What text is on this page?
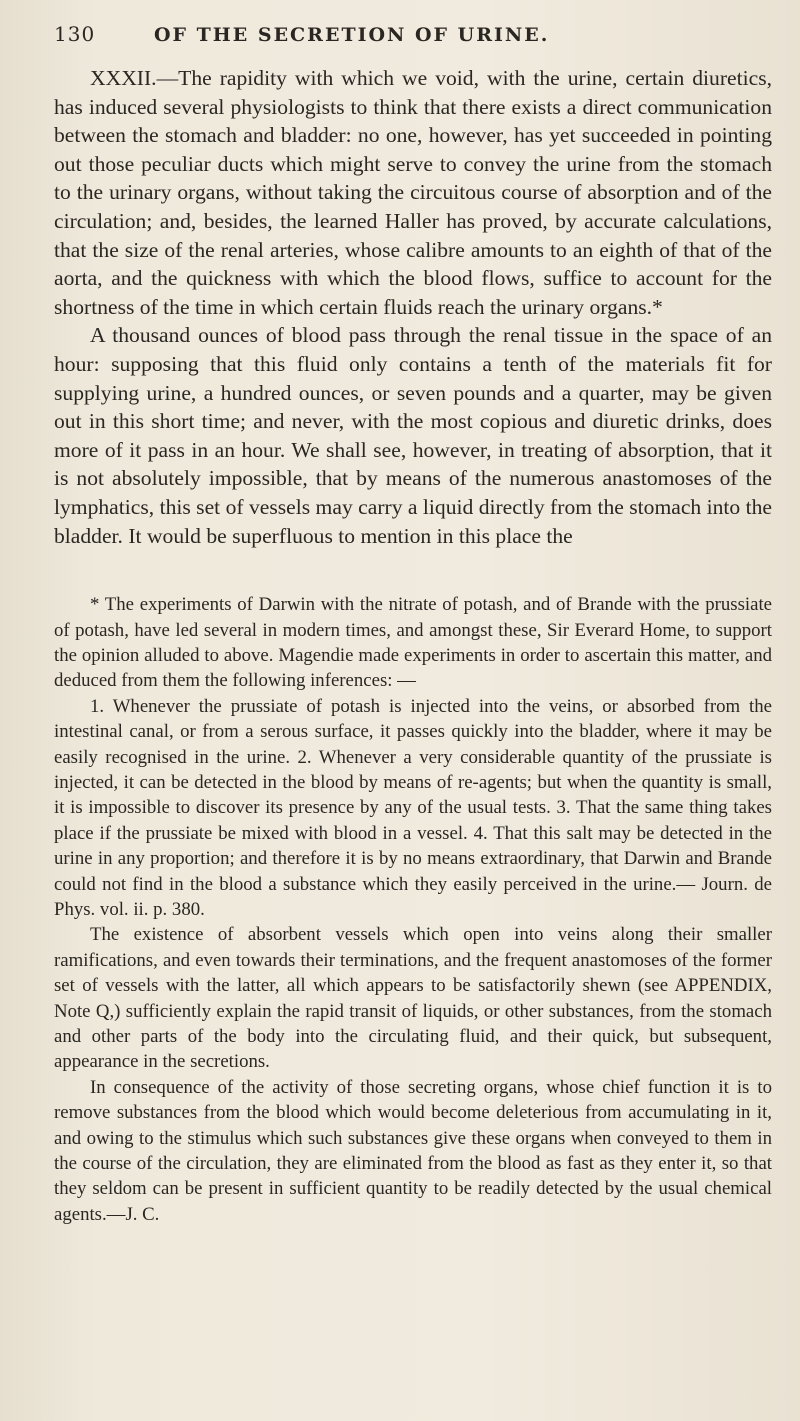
130	OF THE SECRETION OF URINE.

XXXII.—The rapidity with which we void, with the urine, certain diuretics, has induced several physiologists to think that there exists a direct communication between the stomach and bladder: no one, however, has yet succeeded in pointing out those peculiar ducts which might serve to convey the urine from the stomach to the urinary organs, without taking the circuitous course of absorption and of the circulation; and, besides, the learned Haller has proved, by accurate calculations, that the size of the renal arteries, whose calibre amounts to an eighth of that of the aorta, and the quickness with which the blood flows, suffice to account for the shortness of the time in which certain fluids reach the urinary organs.*

A thousand ounces of blood pass through the renal tissue in the space of an hour: supposing that this fluid only contains a tenth of the materials fit for supplying urine, a hundred ounces, or seven pounds and a quarter, may be given out in this short time; and never, with the most copious and diuretic drinks, does more of it pass in an hour. We shall see, however, in treating of absorption, that it is not absolutely impossible, that by means of the numerous anastomoses of the lymphatics, this set of vessels may carry a liquid directly from the stomach into the bladder. It would be superfluous to mention in this place the

* The experiments of Darwin with the nitrate of potash, and of Brande with the prussiate of potash, have led several in modern times, and amongst these, Sir Everard Home, to support the opinion alluded to above. Magendie made experiments in order to ascertain this matter, and deduced from them the following inferences: —

1. Whenever the prussiate of potash is injected into the veins, or absorbed from the intestinal canal, or from a serous surface, it passes quickly into the bladder, where it may be easily recognised in the urine. 2. Whenever a very considerable quantity of the prussiate is injected, it can be detected in the blood by means of re-agents; but when the quantity is small, it is impossible to discover its presence by any of the usual tests. 3. That the same thing takes place if the prussiate be mixed with blood in a vessel. 4. That this salt may be detected in the urine in any proportion; and therefore it is by no means extraordinary, that Darwin and Brande could not find in the blood a substance which they easily perceived in the urine.— Journ. de Phys. vol. ii. p. 380.

The existence of absorbent vessels which open into veins along their smaller ramifications, and even towards their terminations, and the frequent anastomoses of the former set of vessels with the latter, all which appears to be satisfactorily shewn (see APPENDIX, Note Q,) sufficiently explain the rapid transit of liquids, or other substances, from the stomach and other parts of the body into the circulating fluid, and their quick, but subsequent, appearance in the secretions.

In consequence of the activity of those secreting organs, whose chief function it is to remove substances from the blood which would become deleterious from accumulating in it, and owing to the stimulus which such substances give these organs when conveyed to them in the course of the circulation, they are eliminated from the blood as fast as they enter it, so that they seldom can be present in sufficient quantity to be readily detected by the usual chemical agents.—J. C.
